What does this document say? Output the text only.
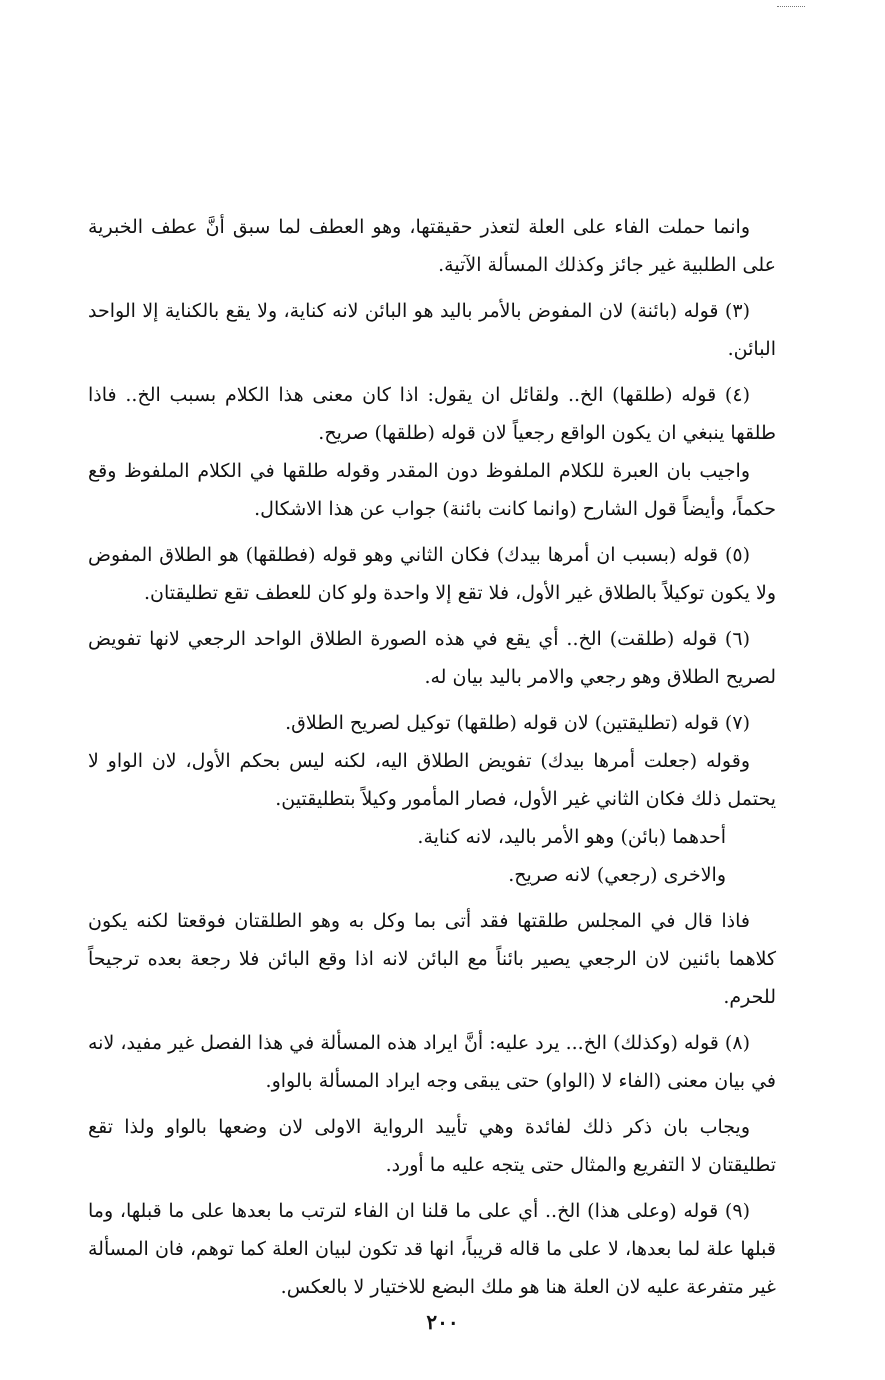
وانما حملت الفاء على العلة لتعذر حقيقتها، وهو العطف لما سبق أنَّ عطف الخبرية على الطلبية غير جائز وكذلك المسألة الآتية.

(٣) قوله (بائنة) لان المفوض بالأمر باليد هو البائن لانه كناية، ولا يقع بالكناية إلا الواحد البائن.

(٤) قوله (طلقها) الخ.. ولقائل ان يقول: اذا كان معنى هذا الكلام بسبب الخ.. فاذا طلقها ينبغي ان يكون الواقع رجعياً لان قوله (طلقها) صريح.

واجيب بان العبرة للكلام الملفوظ دون المقدر وقوله طلقها في الكلام الملفوظ وقع حكماً، وأيضاً قول الشارح (وانما كانت بائنة) جواب عن هذا الاشكال.

(٥) قوله (بسبب ان أمرها بيدك) فكان الثاني وهو قوله (فطلقها) هو الطلاق المفوض ولا يكون توكيلاً بالطلاق غير الأول، فلا تقع إلا واحدة ولو كان للعطف تقع تطليقتان.

(٦) قوله (طلقت) الخ.. أي يقع في هذه الصورة الطلاق الواحد الرجعي لانها تفويض لصريح الطلاق وهو رجعي والامر باليد بيان له.

(٧) قوله (تطليقتين) لان قوله (طلقها) توكيل لصريح الطلاق.

وقوله (جعلت أمرها بيدك) تفويض الطلاق اليه، لكنه ليس بحكم الأول، لان الواو لا يحتمل ذلك فكان الثاني غير الأول، فصار المأمور وكيلاً بتطليقتين.

أحدهما (بائن) وهو الأمر باليد، لانه كناية.

والاخرى (رجعي) لانه صريح.

فاذا قال في المجلس طلقتها فقد أتى بما وكل به وهو الطلقتان فوقعتا لكنه يكون كلاهما بائنين لان الرجعي يصير بائناً مع البائن لانه اذا وقع البائن فلا رجعة بعده ترجيحاً للحرم.

(٨) قوله (وكذلك) الخ... يرد عليه: أنَّ ايراد هذه المسألة في هذا الفصل غير مفيد، لانه في بيان معنى (الفاء لا (الواو) حتى يبقى وجه ايراد المسألة بالواو.

ويجاب بان ذكر ذلك لفائدة وهي تأييد الرواية الاولى لان وضعها بالواو ولذا تقع تطليقتان لا التفريع والمثال حتى يتجه عليه ما أورد.

(٩) قوله (وعلى هذا) الخ.. أي على ما قلنا ان الفاء لترتب ما بعدها على ما قبلها، وما قبلها علة لما بعدها، لا على ما قاله قريباً، انها قد تكون لبيان العلة كما توهم، فان المسألة غير متفرعة عليه لان العلة هنا هو ملك البضع للاختيار لا بالعكس.

٢٠٠
